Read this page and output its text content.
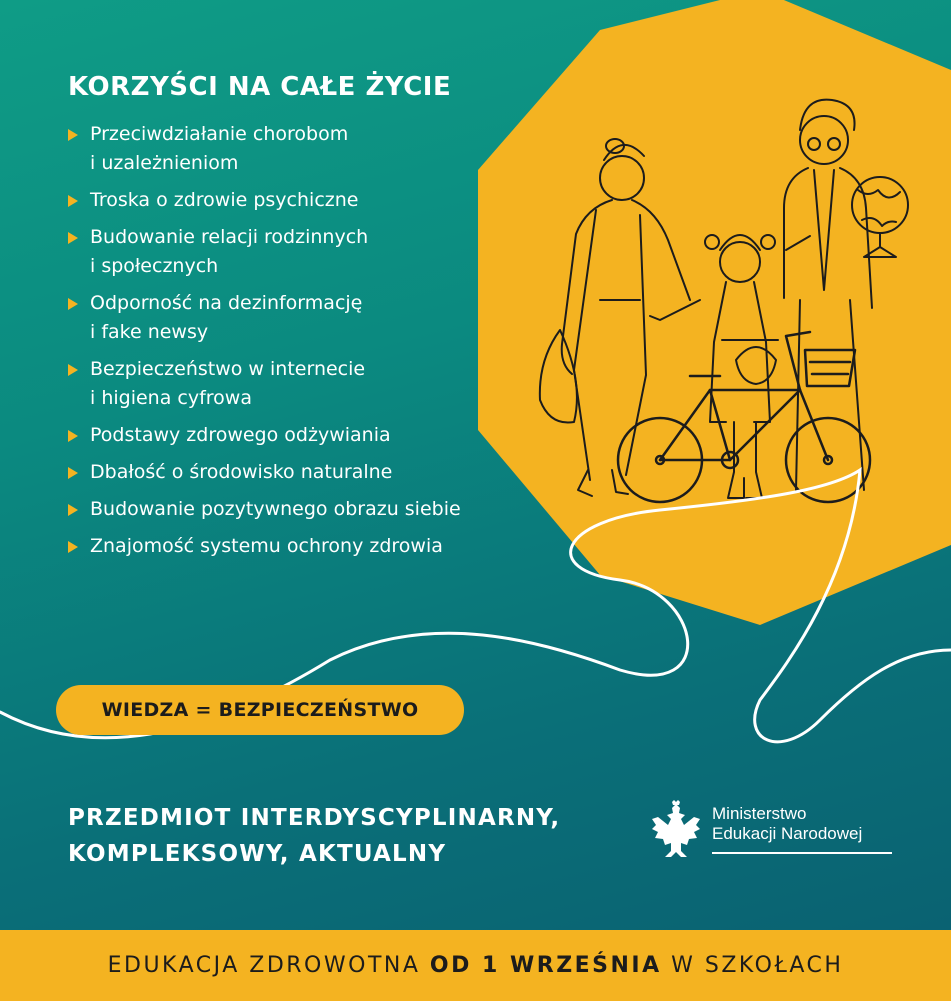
KORZYŚCI NA CAŁE ŻYCIE
Przeciwdziałanie chorobom
i uzależnieniom
Troska o zdrowie psychiczne
Budowanie relacji rodzinnych
i społecznych
Odporność na dezinformację
i fake newsy
Bezpieczeństwo w internecie
i higiena cyfrowa
Podstawy zdrowego odżywiania
Dbałość o środowisko naturalne
Budowanie pozytywnego obrazu siebie
Znajomość systemu ochrony zdrowia
WIEDZA = BEZPIECZEŃSTWO

PRZEDMIOT INTERDYSCYPLINARNY,
KOMPLEKSOWY, AKTUALNY

Ministerstwo
Edukacji Narodowej
EDUKACJA ZDROWOTNA OD 1 WRZEŚNIA W SZKOŁACH
